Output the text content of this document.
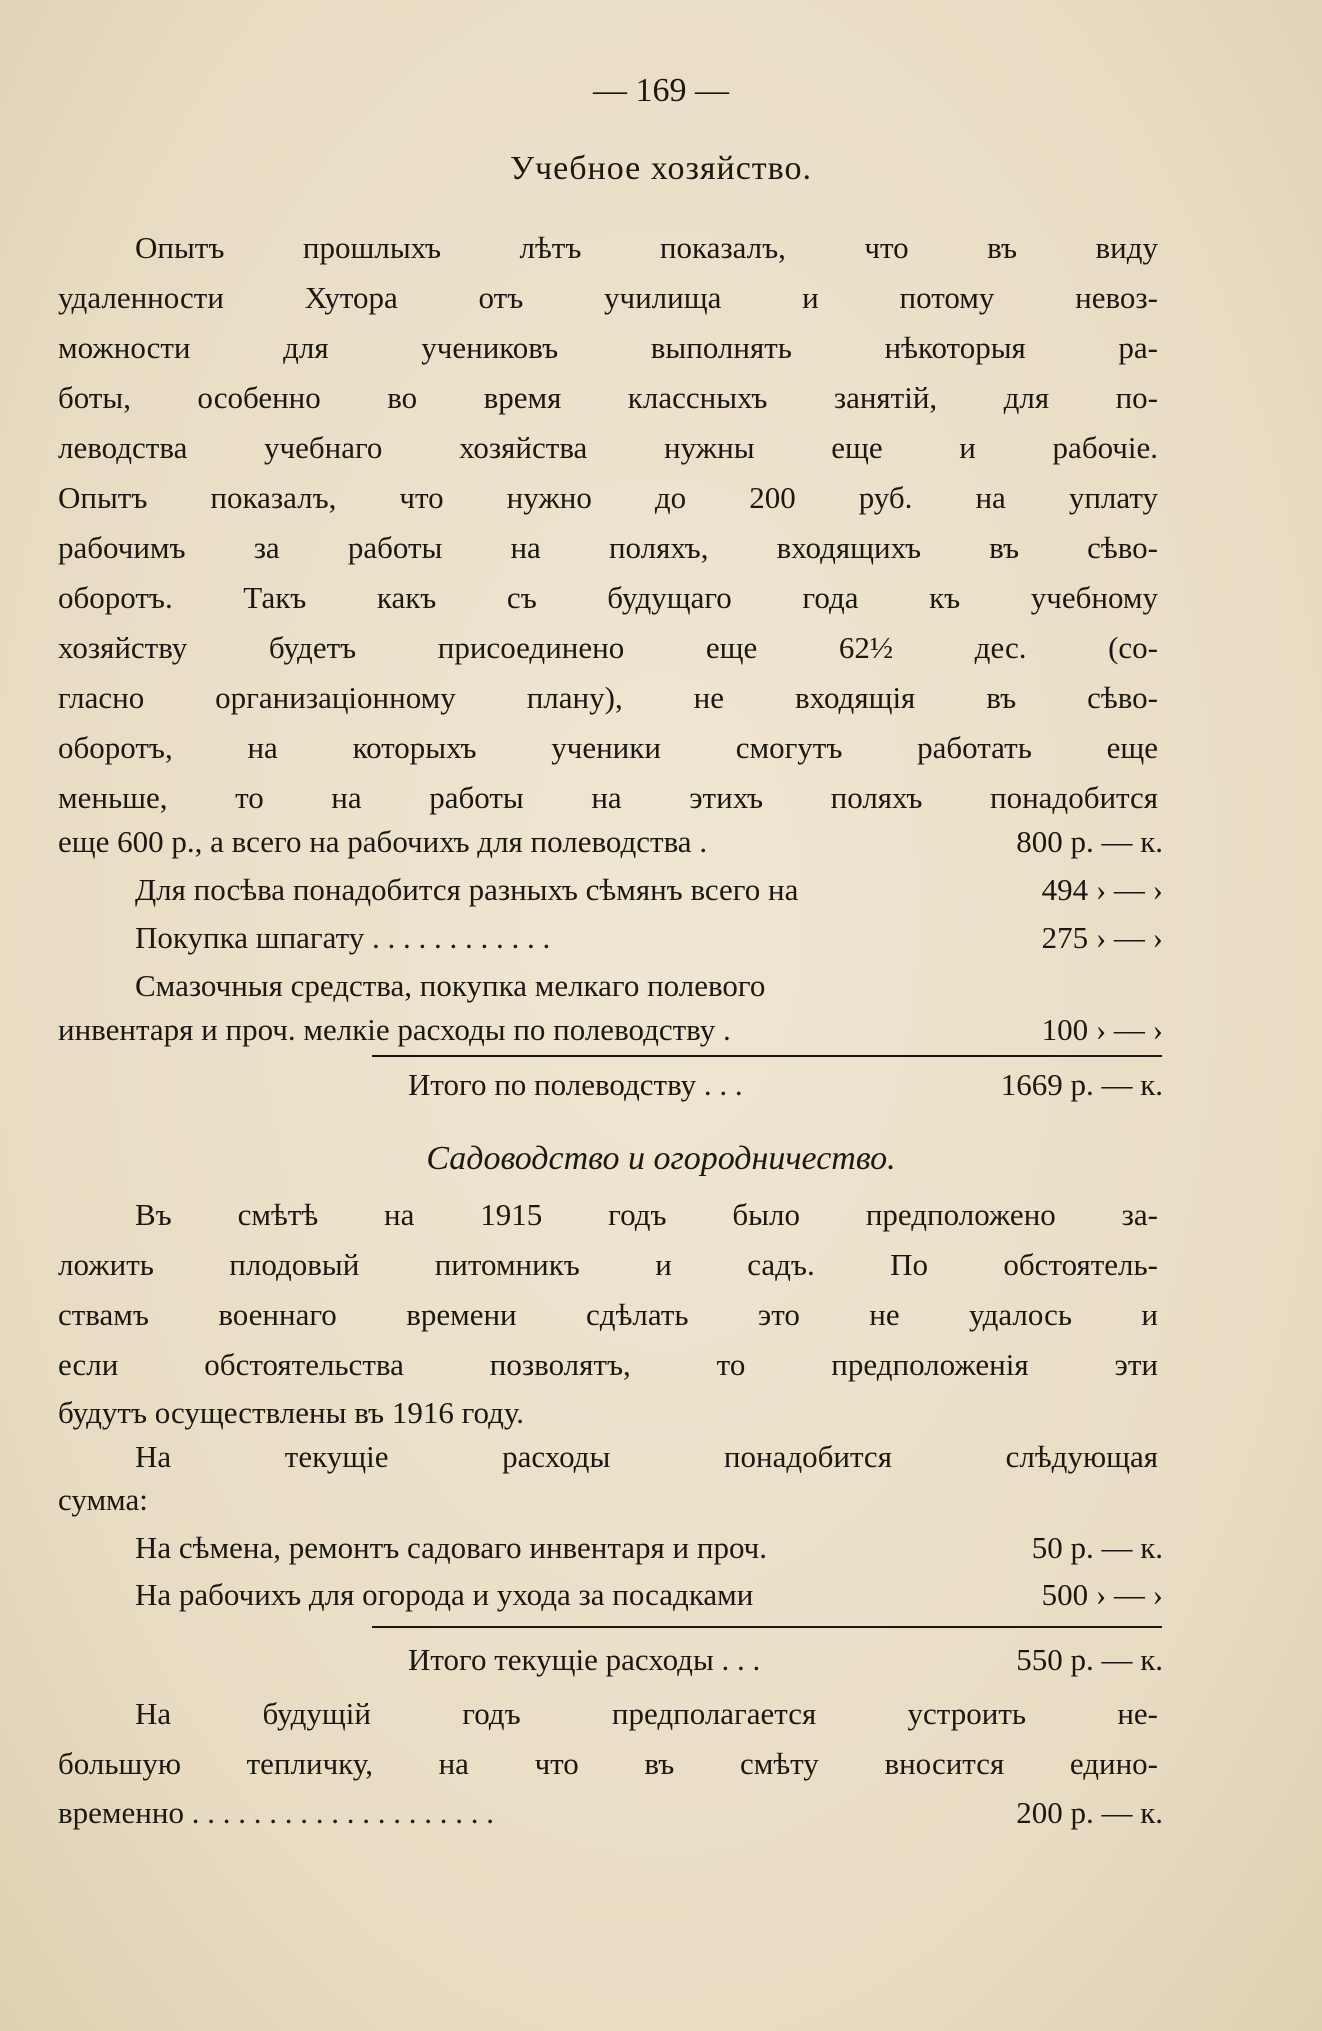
— 169 —
Учебное хозяйство.
Опытъ прошлыхъ лѣтъ показалъ, что въ виду
удаленности Хутора отъ училища и потому невоз-
можности для учениковъ выполнять нѣкоторыя ра-
боты, особенно во время классныхъ занятій, для по-
леводства учебнаго хозяйства нужны еще и рабочіе.
Опытъ показалъ, что нужно до 200 руб. на уплату
рабочимъ за работы на поляхъ, входящихъ въ сѣво-
оборотъ. Такъ какъ съ будущаго года къ учебному
хозяйству будетъ присоединено еще 62½ дес. (со-
гласно организаціонному плану), не входящія въ сѣво-
оборотъ, на которыхъ ученики смогутъ работать еще
меньше, то на работы на этихъ поляхъ понадобится
еще 600 р., а всего на рабочихъ для полеводства .	800 р. — к.
Для посѣва понадобится разныхъ сѣмянъ всего на	494 › — ›
Покупка шпагату . . . . . . . . . . . .	275 › — ›
Смазочныя средства, покупка мелкаго полевого
инвентаря и проч. мелкіе расходы по полеводству .	100 › — ›
Итого по полеводству . . .	1669 р. — к.
Садоводство и огородничество.
Въ смѣтѣ на 1915 годъ было предположено за-
ложить плодовый питомникъ и садъ. По обстоятель-
ствамъ военнаго времени сдѣлать это не удалось и
если обстоятельства позволятъ, то предположенія эти
будутъ осуществлены въ 1916 году.
На текущіе расходы понадобится слѣдующая
сумма:
На сѣмена, ремонтъ садоваго инвентаря и проч.	50 р. — к.
На рабочихъ для огорода и ухода за посадками	500 › — ›
Итого текущіе расходы . . .	550 р. — к.
На будущій годъ предполагается устроить не-
большую тепличку, на что въ смѣту вносится едино-
временно . . . . . . . . . . . . . . . . . . . .	200 р. — к.
